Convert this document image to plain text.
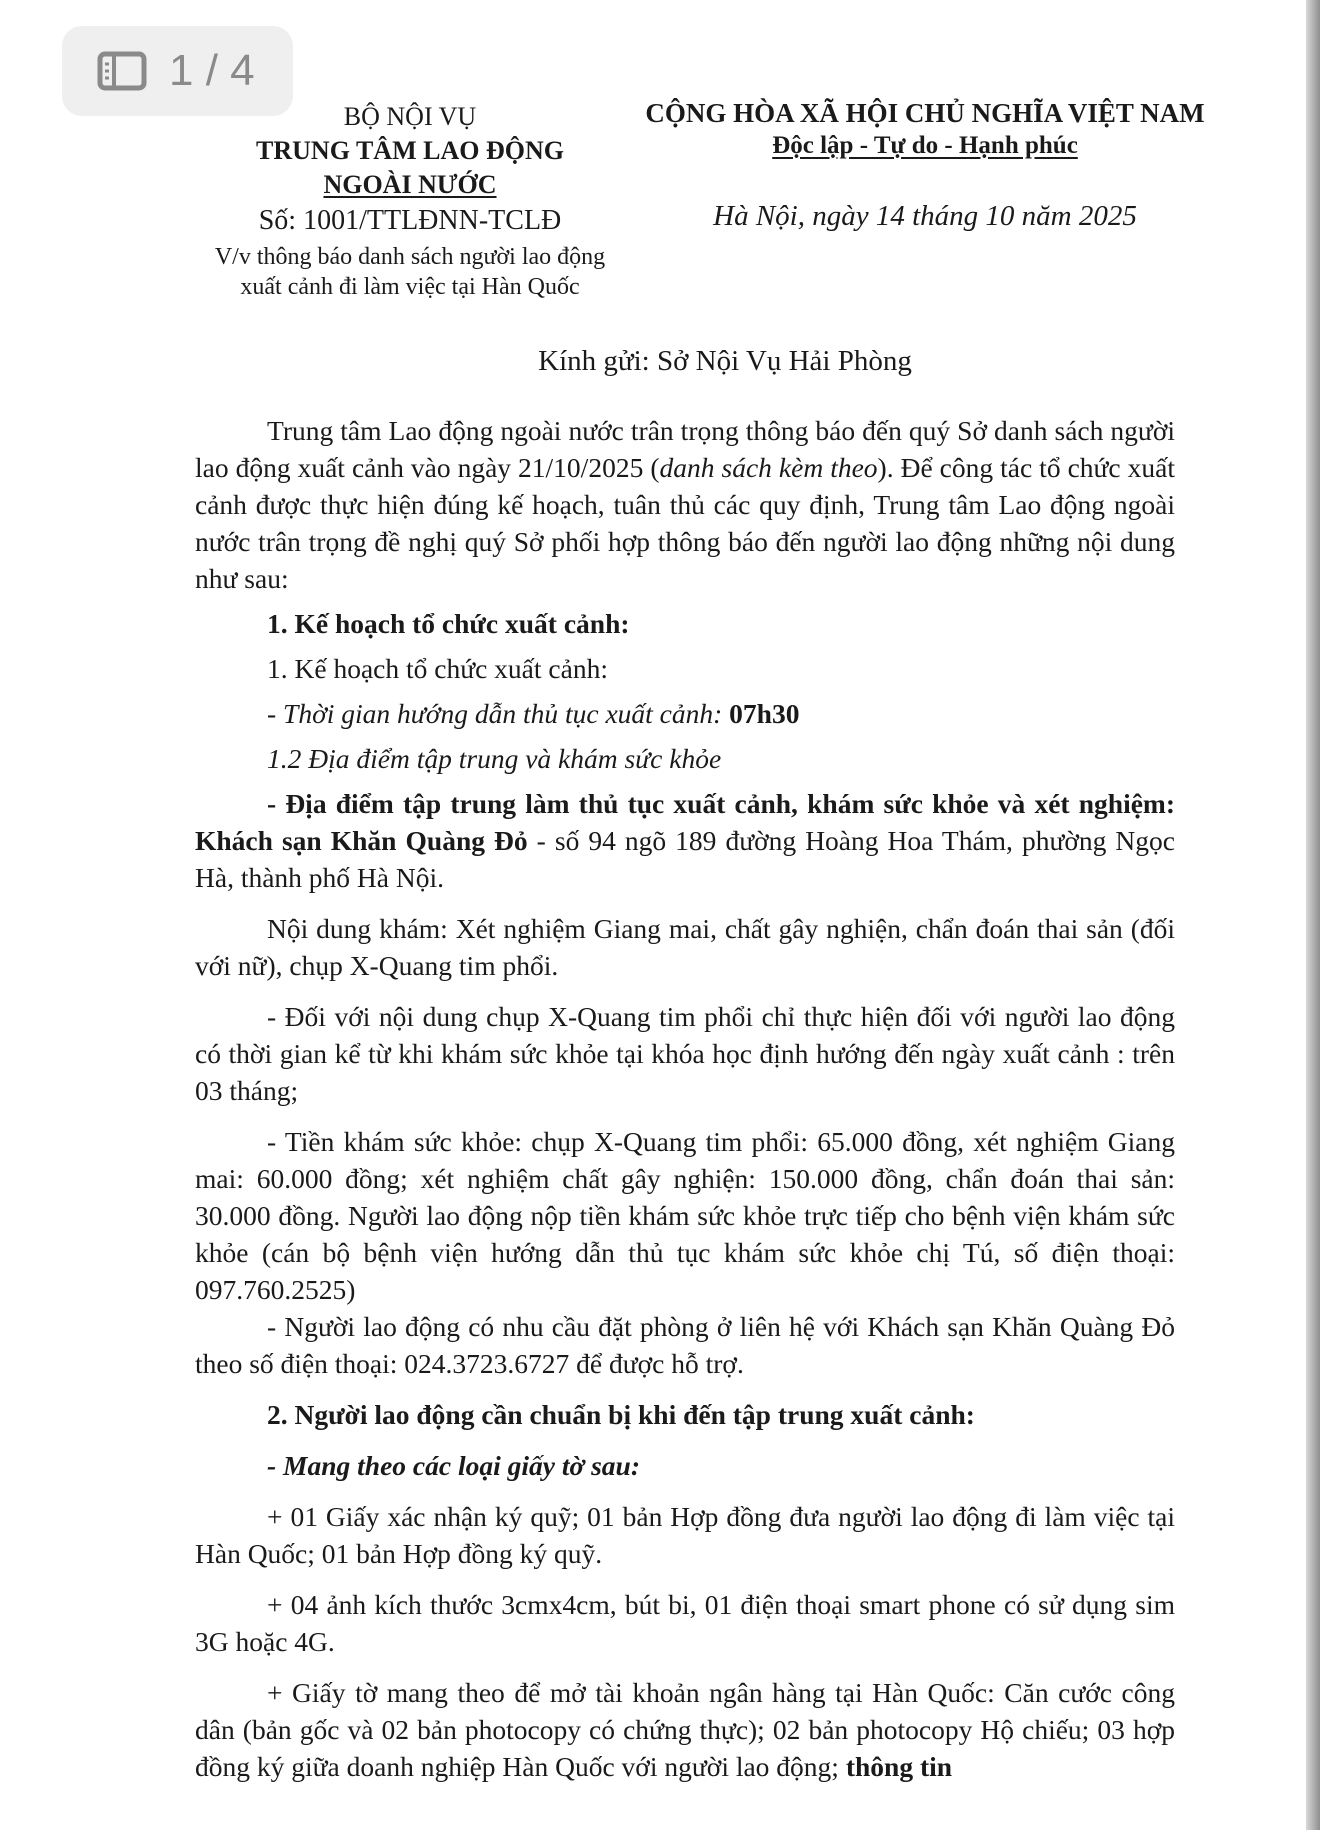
1 / 4
BỘ NỘI VỤ
TRUNG TÂM LAO ĐỘNG
NGOÀI NƯỚC
Số: 1001/TTLĐNN-TCLĐ
V/v thông báo danh sách người lao động
xuất cảnh đi làm việc tại Hàn Quốc
CỘNG HÒA XÃ HỘI CHỦ NGHĨA VIỆT NAM
Độc lập - Tự do - Hạnh phúc
Hà Nội, ngày 14 tháng 10 năm 2025
Kính gửi: Sở Nội Vụ Hải Phòng

Trung tâm Lao động ngoài nước trân trọng thông báo đến quý Sở danh sách người lao động xuất cảnh vào ngày 21/10/2025 (danh sách kèm theo). Để công tác tổ chức xuất cảnh được thực hiện đúng kế hoạch, tuân thủ các quy định, Trung tâm Lao động ngoài nước trân trọng đề nghị quý Sở phối hợp thông báo đến người lao động những nội dung như sau:

1. Kế hoạch tổ chức xuất cảnh:

1. Kế hoạch tổ chức xuất cảnh:

- Thời gian hướng dẫn thủ tục xuất cảnh: 07h30

1.2 Địa điểm tập trung và khám sức khỏe

- Địa điểm tập trung làm thủ tục xuất cảnh, khám sức khỏe và xét nghiệm: Khách sạn Khăn Quàng Đỏ - số 94 ngõ 189 đường Hoàng Hoa Thám, phường Ngọc Hà, thành phố Hà Nội.

Nội dung khám: Xét nghiệm Giang mai, chất gây nghiện, chẩn đoán thai sản (đối với nữ), chụp X-Quang tim phổi.

- Đối với nội dung chụp X-Quang tim phổi chỉ thực hiện đối với người lao động có thời gian kể từ khi khám sức khỏe tại khóa học định hướng đến ngày xuất cảnh : trên 03 tháng;

- Tiền khám sức khỏe: chụp X-Quang tim phổi: 65.000 đồng, xét nghiệm Giang mai: 60.000 đồng; xét nghiệm chất gây nghiện: 150.000 đồng, chẩn đoán thai sản: 30.000 đồng. Người lao động nộp tiền khám sức khỏe trực tiếp cho bệnh viện khám sức khỏe (cán bộ bệnh viện hướng dẫn thủ tục khám sức khỏe chị Tú, số điện thoại: 097.760.2525)

- Người lao động có nhu cầu đặt phòng ở liên hệ với Khách sạn Khăn Quàng Đỏ theo số điện thoại: 024.3723.6727 để được hỗ trợ.

2. Người lao động cần chuẩn bị khi đến tập trung xuất cảnh:

- Mang theo các loại giấy tờ sau:

+ 01 Giấy xác nhận ký quỹ; 01 bản Hợp đồng đưa người lao động đi làm việc tại Hàn Quốc; 01 bản Hợp đồng ký quỹ.

+ 04 ảnh kích thước 3cmx4cm, bút bi, 01 điện thoại smart phone có sử dụng sim 3G hoặc 4G.

+ Giấy tờ mang theo để mở tài khoản ngân hàng tại Hàn Quốc: Căn cước công dân (bản gốc và 02 bản photocopy có chứng thực); 02 bản photocopy Hộ chiếu; 03 hợp đồng ký giữa doanh nghiệp Hàn Quốc với người lao động; thông tin
